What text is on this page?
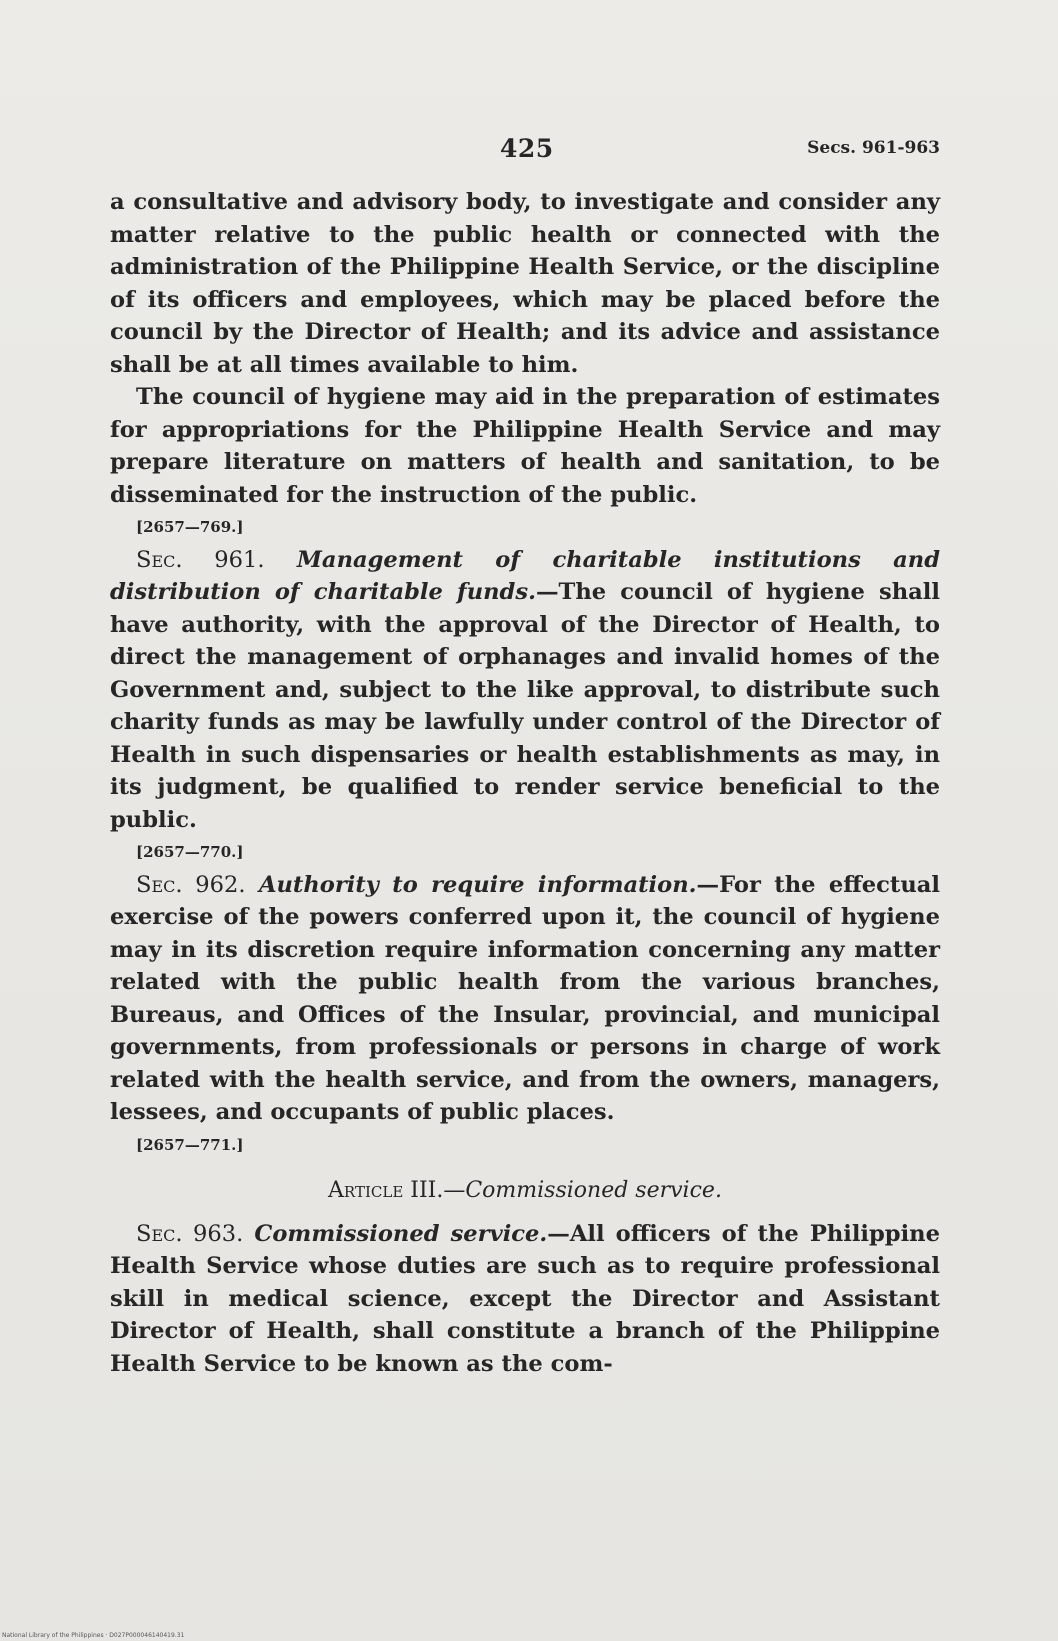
425	Secs. 961-963

a consultative and advisory body, to investigate and consider any matter relative to the public health or connected with the administration of the Philippine Health Service, or the discipline of its officers and employees, which may be placed before the council by the Director of Health; and its advice and assistance shall be at all times available to him.

The council of hygiene may aid in the preparation of estimates for appropriations for the Philippine Health Service and may prepare literature on matters of health and sanitation, to be disseminated for the instruction of the public.

[2657—769.]

Sec. 961. Management of charitable institutions and distribution of charitable funds.—The council of hygiene shall have authority, with the approval of the Director of Health, to direct the management of orphanages and invalid homes of the Government and, subject to the like approval, to distribute such charity funds as may be lawfully under control of the Director of Health in such dispensaries or health establishments as may, in its judgment, be qualified to render service beneficial to the public.

[2657—770.]

Sec. 962. Authority to require information.—For the effectual exercise of the powers conferred upon it, the council of hygiene may in its discretion require information concerning any matter related with the public health from the various branches, Bureaus, and Offices of the Insular, provincial, and municipal governments, from professionals or persons in charge of work related with the health service, and from the owners, managers, lessees, and occupants of public places.

[2657—771.]

Article III.—Commissioned service.

Sec. 963. Commissioned service.—All officers of the Philippine Health Service whose duties are such as to require professional skill in medical science, except the Director and Assistant Director of Health, shall constitute a branch of the Philippine Health Service to be known as the com-

National Library of the Philippines · D027P000046140419.31
